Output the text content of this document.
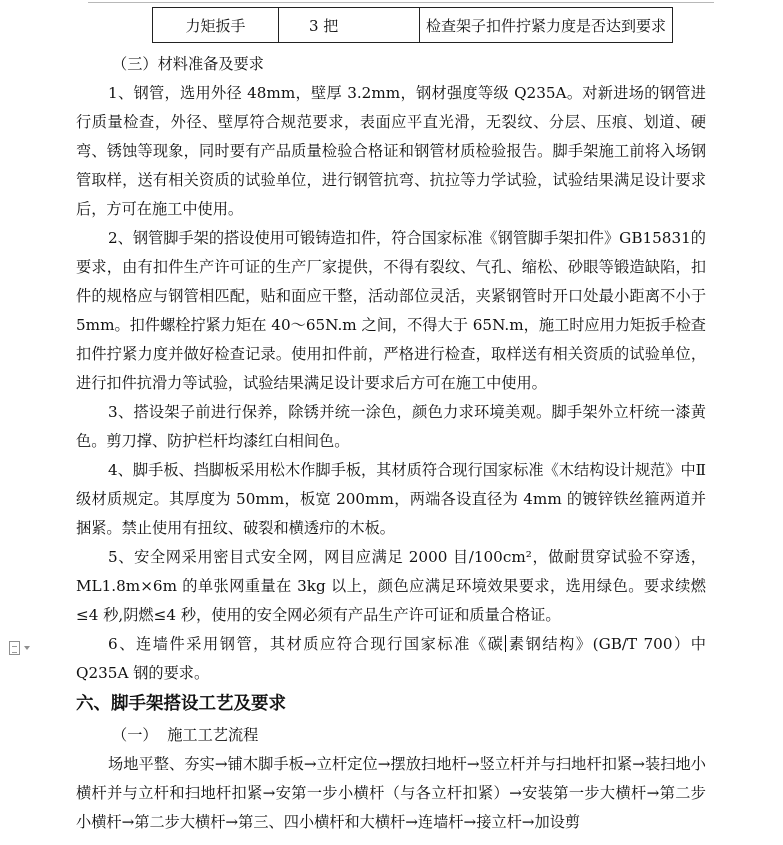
力矩扳手	3 把	检查架子扣件拧紧力度是否达到要求

（三）材料准备及要求

1、钢管，选用外径 48mm，壁厚 3.2mm，钢材强度等级 Q235A。对新进场的钢管进行质量检查，外径、壁厚符合规范要求，表面应平直光滑，无裂纹、分层、压痕、划道、硬弯、锈蚀等现象，同时要有产品质量检验合格证和钢管材质检验报告。脚手架施工前将入场钢管取样，送有相关资质的试验单位，进行钢管抗弯、抗拉等力学试验，试验结果满足设计要求后，方可在施工中使用。

2、钢管脚手架的搭设使用可锻铸造扣件，符合国家标准《钢管脚手架扣件》GB15831的要求，由有扣件生产许可证的生产厂家提供，不得有裂纹、气孔、缩松、砂眼等锻造缺陷，扣件的规格应与钢管相匹配，贴和面应干整，活动部位灵活，夹紧钢管时开口处最小距离不小于 5mm。扣件螺栓拧紧力矩在 40～65N.m 之间，不得大于 65N.m，施工时应用力矩扳手检查扣件拧紧力度并做好检查记录。使用扣件前，严格进行检查，取样送有相关资质的试验单位，进行扣件抗滑力等试验，试验结果满足设计要求后方可在施工中使用。

3、搭设架子前进行保养，除锈并统一涂色，颜色力求环境美观。脚手架外立杆统一漆黄色。剪刀撑、防护栏杆均漆红白相间色。

4、脚手板、挡脚板采用松木作脚手板，其材质符合现行国家标准《木结构设计规范》中Ⅱ级材质规定。其厚度为 50mm，板宽 200mm，两端各设直径为 4mm 的镀锌铁丝箍两道并捆紧。禁止使用有扭纹、破裂和横透疖的木板。

5、安全网采用密目式安全网，网目应满足 2000 目/100cm²，做耐贯穿试验不穿透，ML1.8m×6m 的单张网重量在 3kg 以上，颜色应满足环境效果要求，选用绿色。要求续燃≤4 秒,阴燃≤4 秒，使用的安全网必须有产品生产许可证和质量合格证。

6、连墙件采用钢管，其材质应符合现行国家标准《碳 素钢结构》(GB/T 700）中 Q235A 钢的要求。

六、脚手架搭设工艺及要求

（一） 施工工艺流程

场地平整、夯实→铺木脚手板→立杆定位→摆放扫地杆→竖立杆并与扫地杆扣紧→装扫地小横杆并与立杆和扫地杆扣紧→安第一步小横杆（与各立杆扣紧）→安装第一步大横杆→第二步小横杆→第二步大横杆→第三、四小横杆和大横杆→连墙杆→接立杆→加设剪
